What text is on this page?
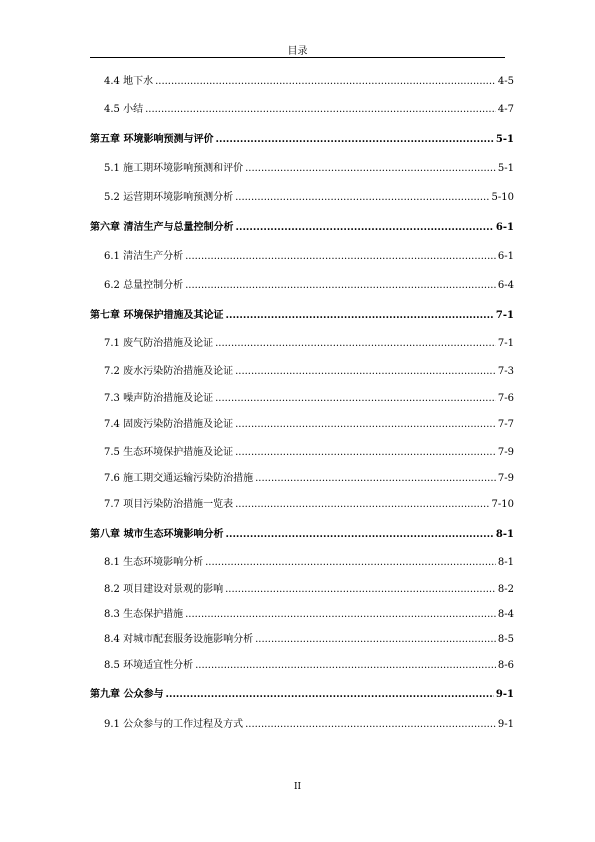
目录
4.4 地下水 .....	4-5
4.5 小结 .....	4-7
第五章 环境影响预测与评价 .....	5-1
5.1 施工期环境影响预测和评价 .....	5-1
5.2 运营期环境影响预测分析 .....	5-10
第六章 清洁生产与总量控制分析 .....	6-1
6.1 清洁生产分析 .....	6-1
6.2 总量控制分析 .....	6-4
第七章 环境保护措施及其论证 .....	7-1
7.1 废气防治措施及论证 .....	7-1
7.2 废水污染防治措施及论证 .....	7-3
7.3 噪声防治措施及论证 .....	7-6
7.4 固废污染防治措施及论证 .....	7-7
7.5 生态环境保护措施及论证 .....	7-9
7.6 施工期交通运输污染防治措施 .....	7-9
7.7 项目污染防治措施一览表 .....	7-10
第八章 城市生态环境影响分析 .....	8-1
8.1 生态环境影响分析 .....	8-1
8.2 项目建设对景观的影响 .....	8-2
8.3 生态保护措施 .....	8-4
8.4 对城市配套服务设施影响分析 .....	8-5
8.5 环境适宜性分析 .....	8-6
第九章 公众参与 .....	9-1
9.1 公众参与的工作过程及方式 .....	9-1
II
